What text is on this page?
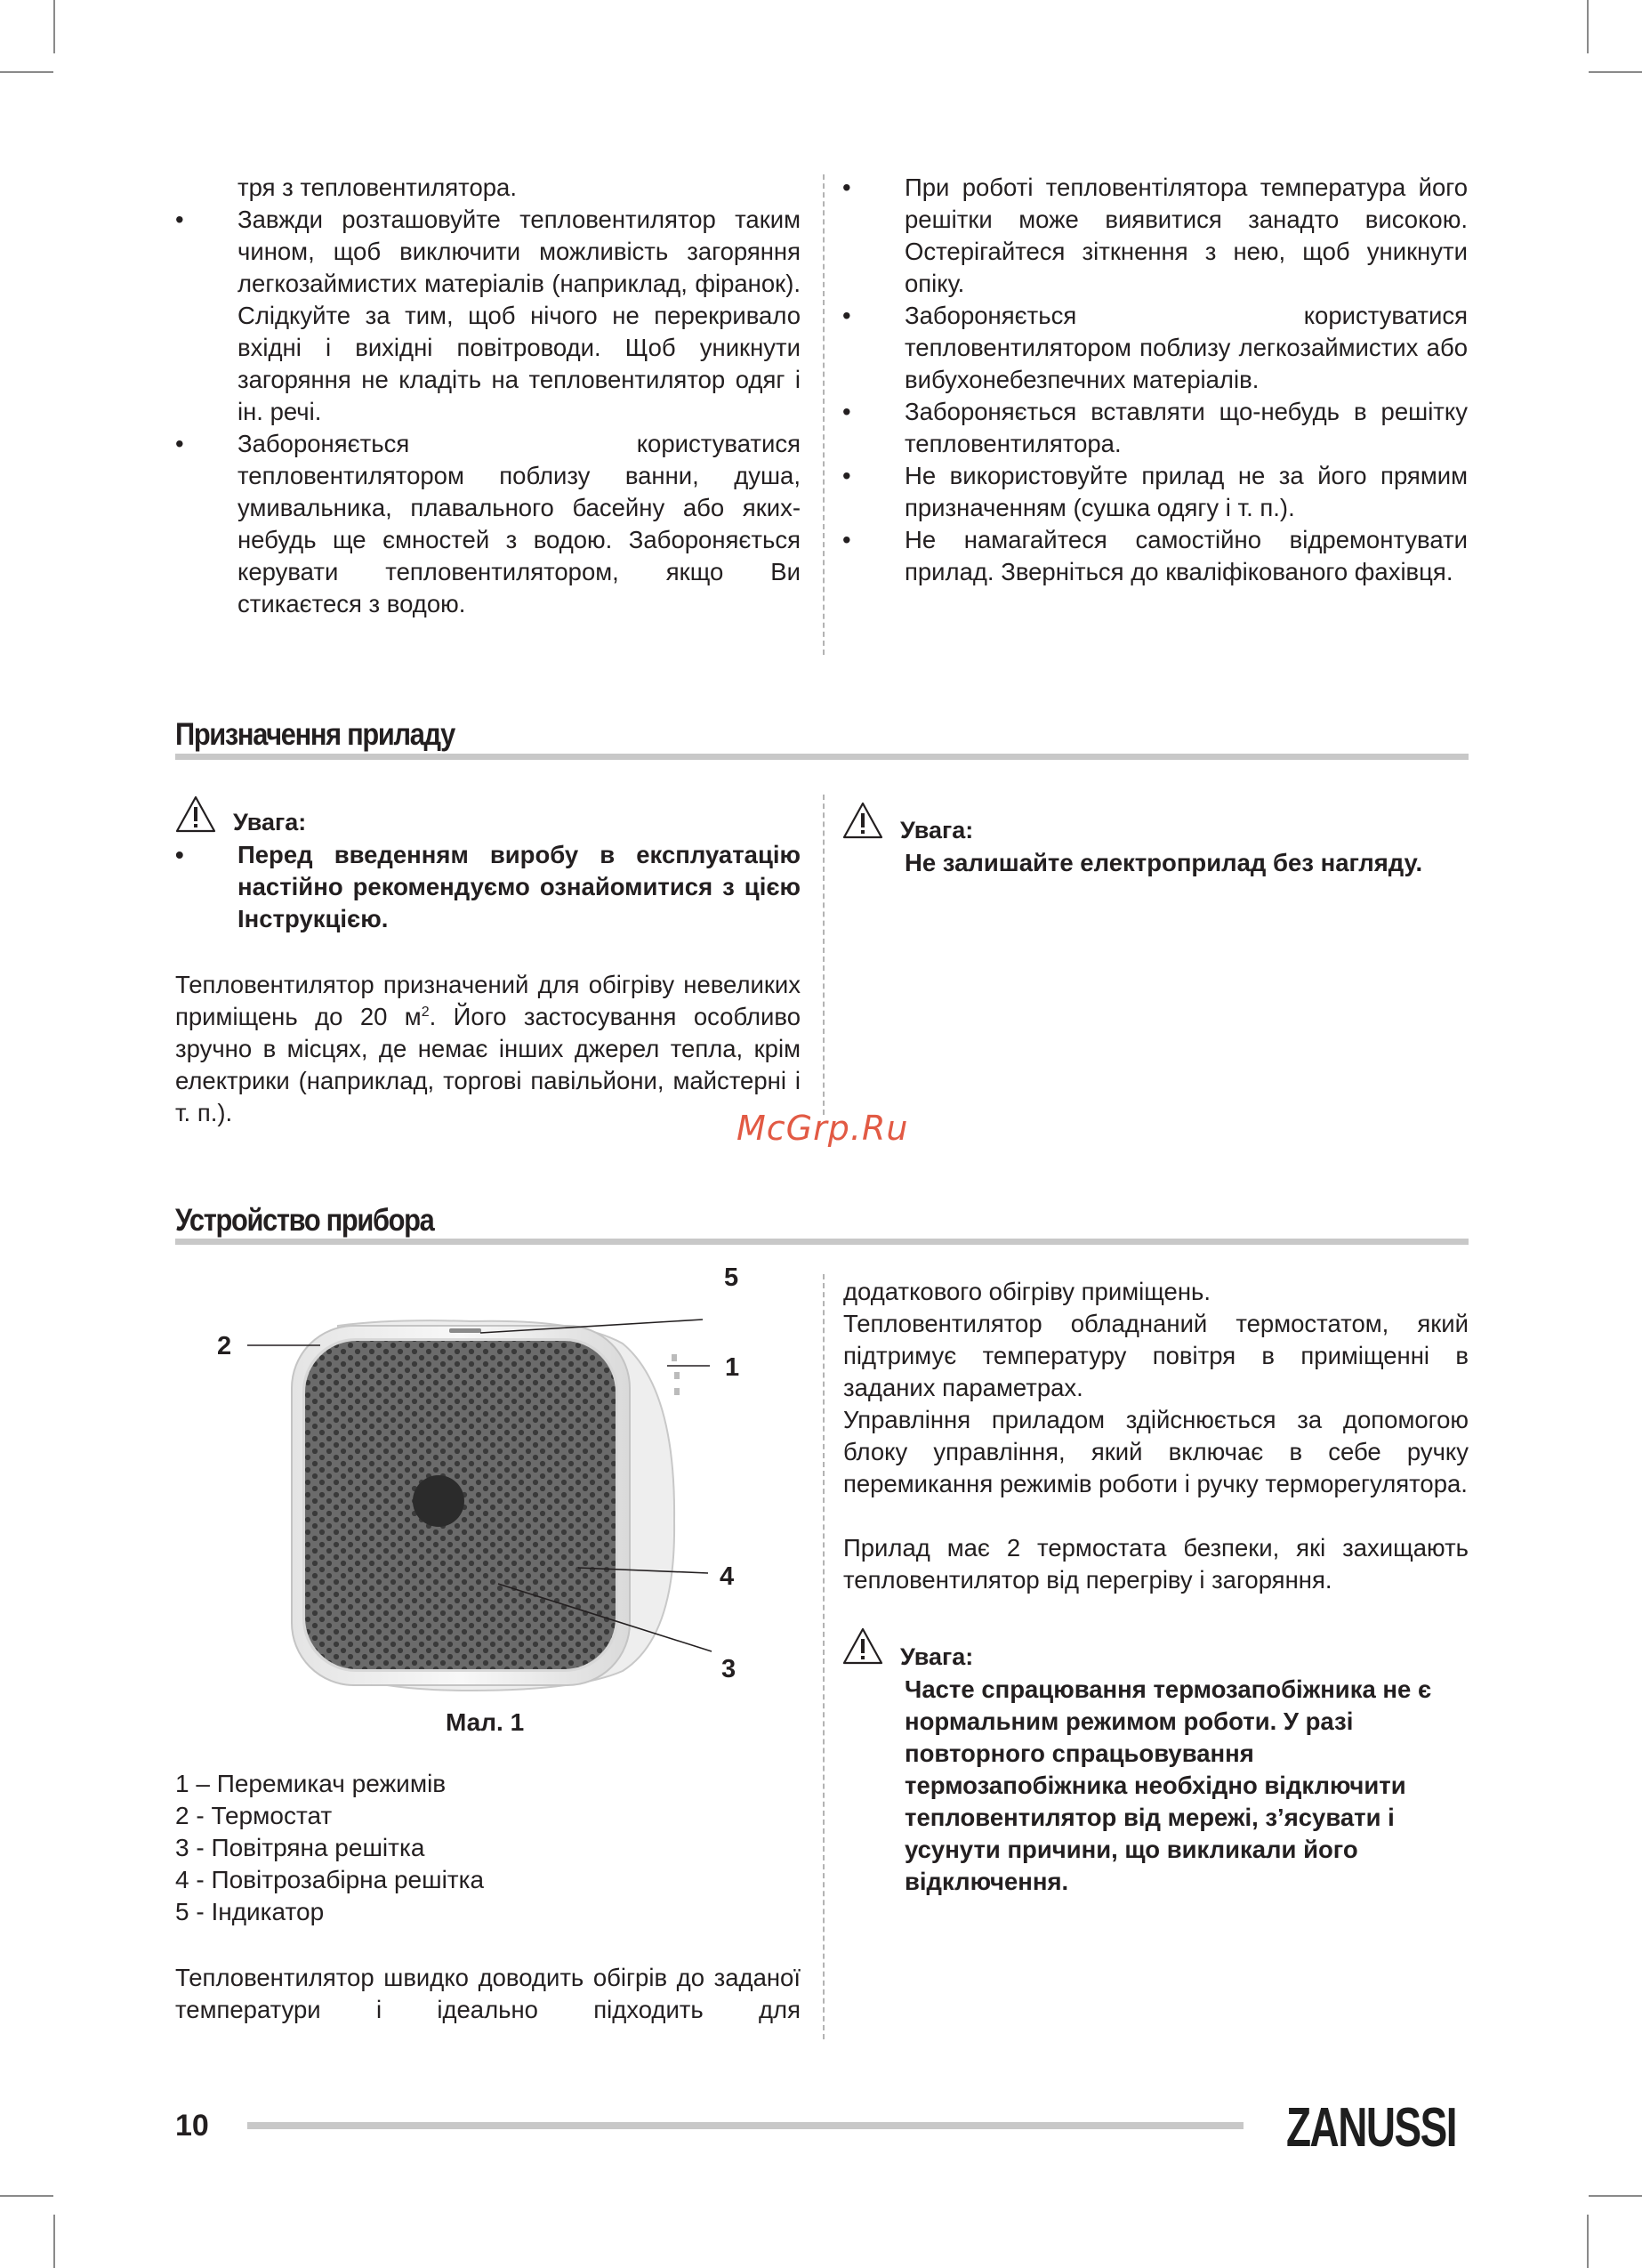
тря з тепловентилятора.

• Завжди розташовуйте тепловентилятор таким чином, щоб виключити можливість загоряння легкозаймистих матеріалів (наприклад, фіранок). Слідкуйте за тим, щоб нічого не перекривало вхідні і вихідні повітроводи. Щоб уникнути загоряння не кладіть на тепловентилятор одяг і ін. речі.

• Забороняється користуватися тепловентилятором поблизу ванни, душа, умивальника, плавального басейну або яких-небудь ще ємностей з водою. Забороняється керувати тепловентилятором, якщо Ви стикаєтеся з водою.

• При роботі тепловентілятора температура його решітки може виявитися занадто високою. Остерігайтеся зіткнення з нею, щоб уникнути опіку.

• Забороняється користуватися тепловентилятором поблизу легкозаймистих або вибухонебезпечних матеріалів.

• Забороняється вставляти що-небудь в решітку тепловентилятора.

• Не використовуйте прилад не за його прямим призначенням (сушка одягу і т. п.).

• Не намагайтеся самостійно відремонтувати прилад. Зверніться до кваліфікованого фахівця.

Призначення приладу
Увага:

• Перед введенням виробу в експлуатацію настійно рекомендуємо ознайомитися з цією Інструкцією.

Тепловентилятор призначений для обігріву невеликих приміщень до 20 $м^2$. Його застосування особливо зручно в місцях, де немає інших джерел тепла, крім електрики (наприклад, торгові павільйони, майстерні і т. п.).

Увага:

Не залишайте електроприлад без нагляду.

McGrp.Ru
Устройство прибора
5
2
1
4
3
Мал. 1
1 – Перемикач режимів
2 - Термостат
3 - Повітряна решітка
4 - Повітрозабірна решітка
5 - Індикатор

Тепловентилятор швидко доводить обігрів до заданої температури і ідеально підходить для

додаткового обігріву приміщень.

Тепловентилятор обладнаний термостатом, який підтримує температуру повітря в приміщенні в заданих параметрах.

Управління приладом здійснюється за допомогою блоку управління, який включає в себе ручку перемикання режимів роботи і ручку терморегулятора.

Прилад має 2 термостата безпеки, які захищають тепловентилятор від перегріву і загоряння.

Увага:

Часте спрацювання термозапобіжника не є нормальним режимом роботи. У разі повторного спрацьовування термозапобіжника необхідно відключити тепловентилятор від мережі, з’ясувати і усунути причини, що викликали його відключення.

10	ZANUSSI
